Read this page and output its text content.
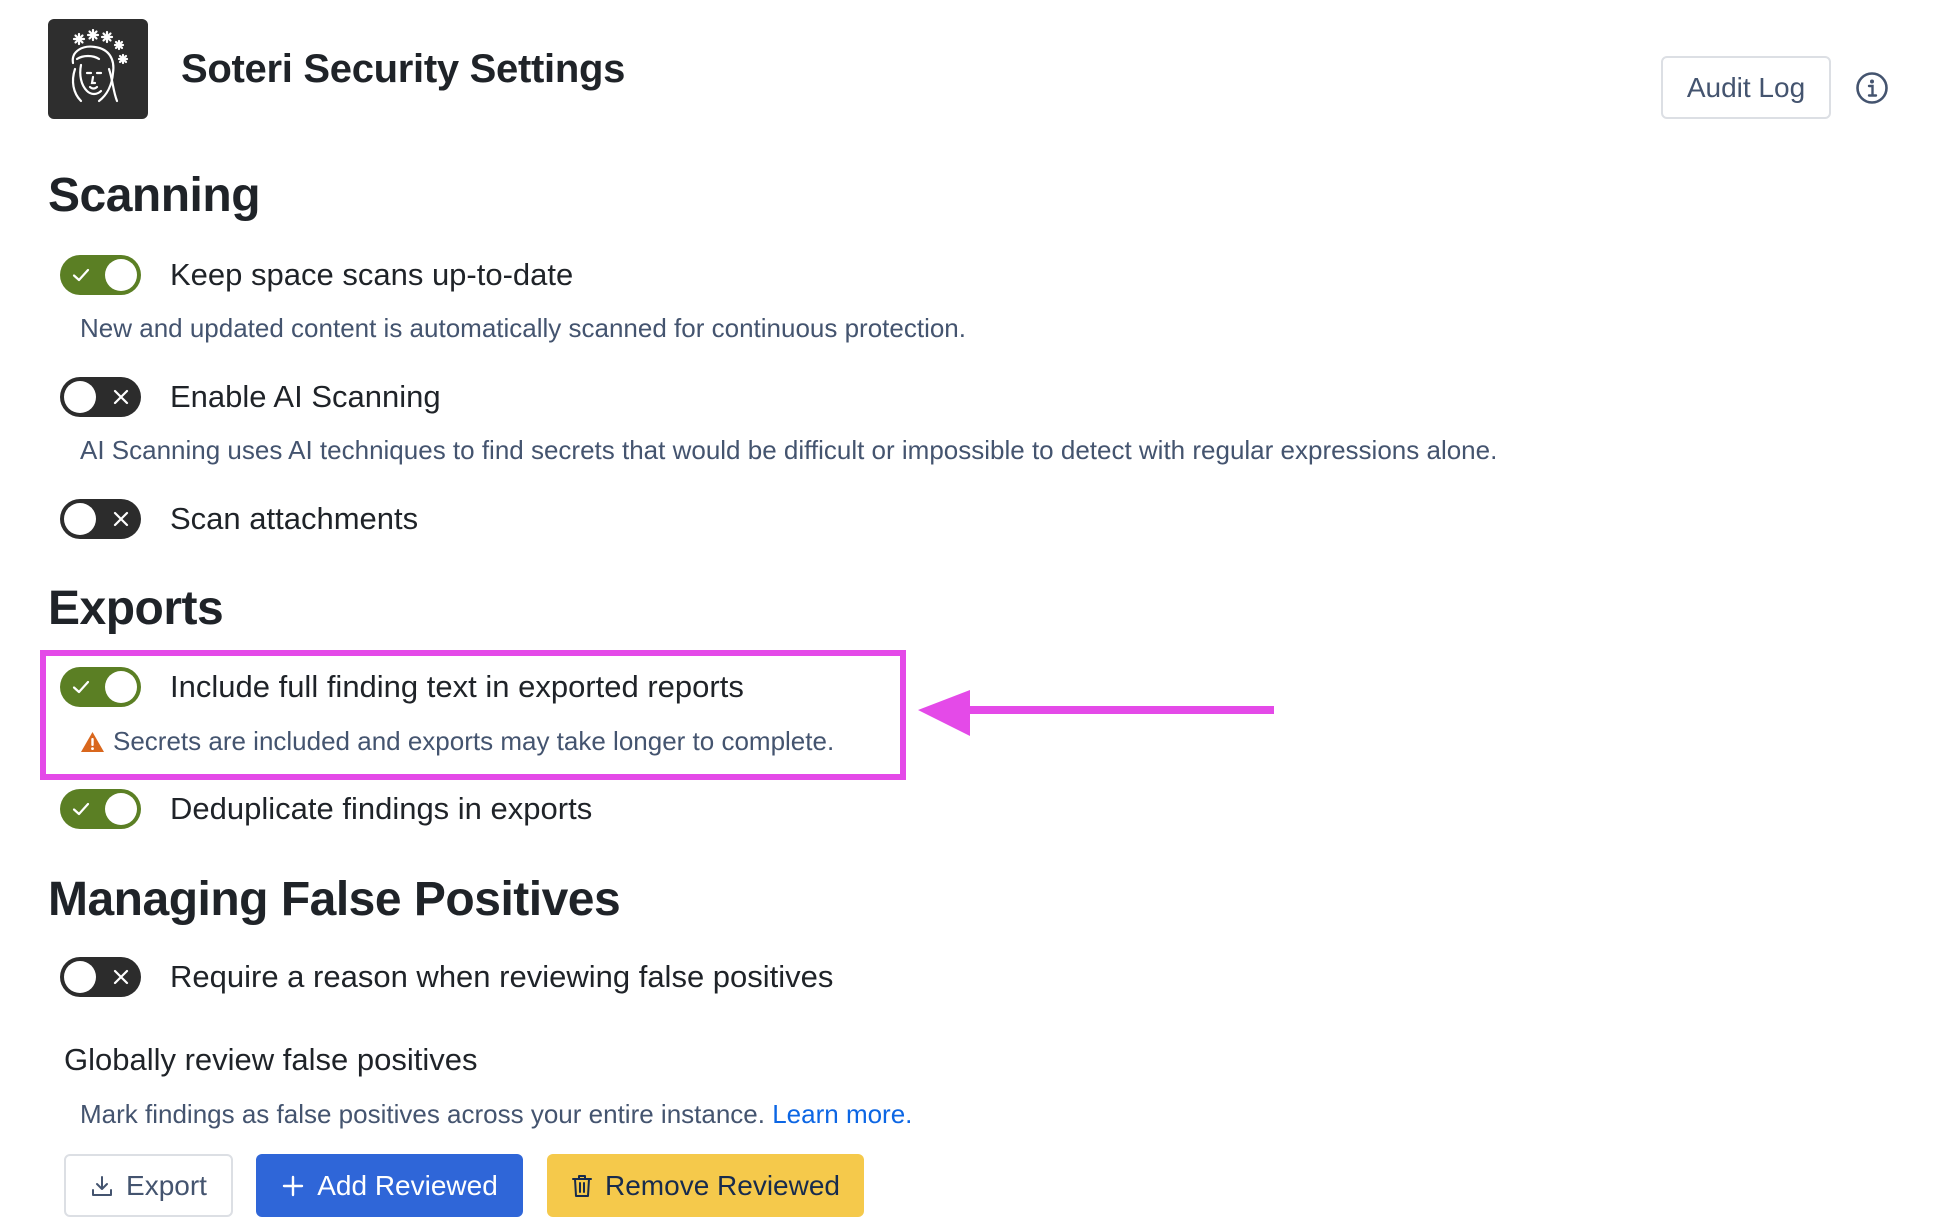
Soteri Security Settings	Audit Log
Scanning
Keep space scans up-to-date
New and updated content is automatically scanned for continuous protection.
Enable AI Scanning
AI Scanning uses AI techniques to find secrets that would be difficult or impossible to detect with regular expressions alone.
Scan attachments
Exports
Include full finding text in exported reports
Secrets are included and exports may take longer to complete.
Deduplicate findings in exports
Managing False Positives
Require a reason when reviewing false positives
Globally review false positives
Mark findings as false positives across your entire instance. Learn more.
Export	Add Reviewed	Remove Reviewed
